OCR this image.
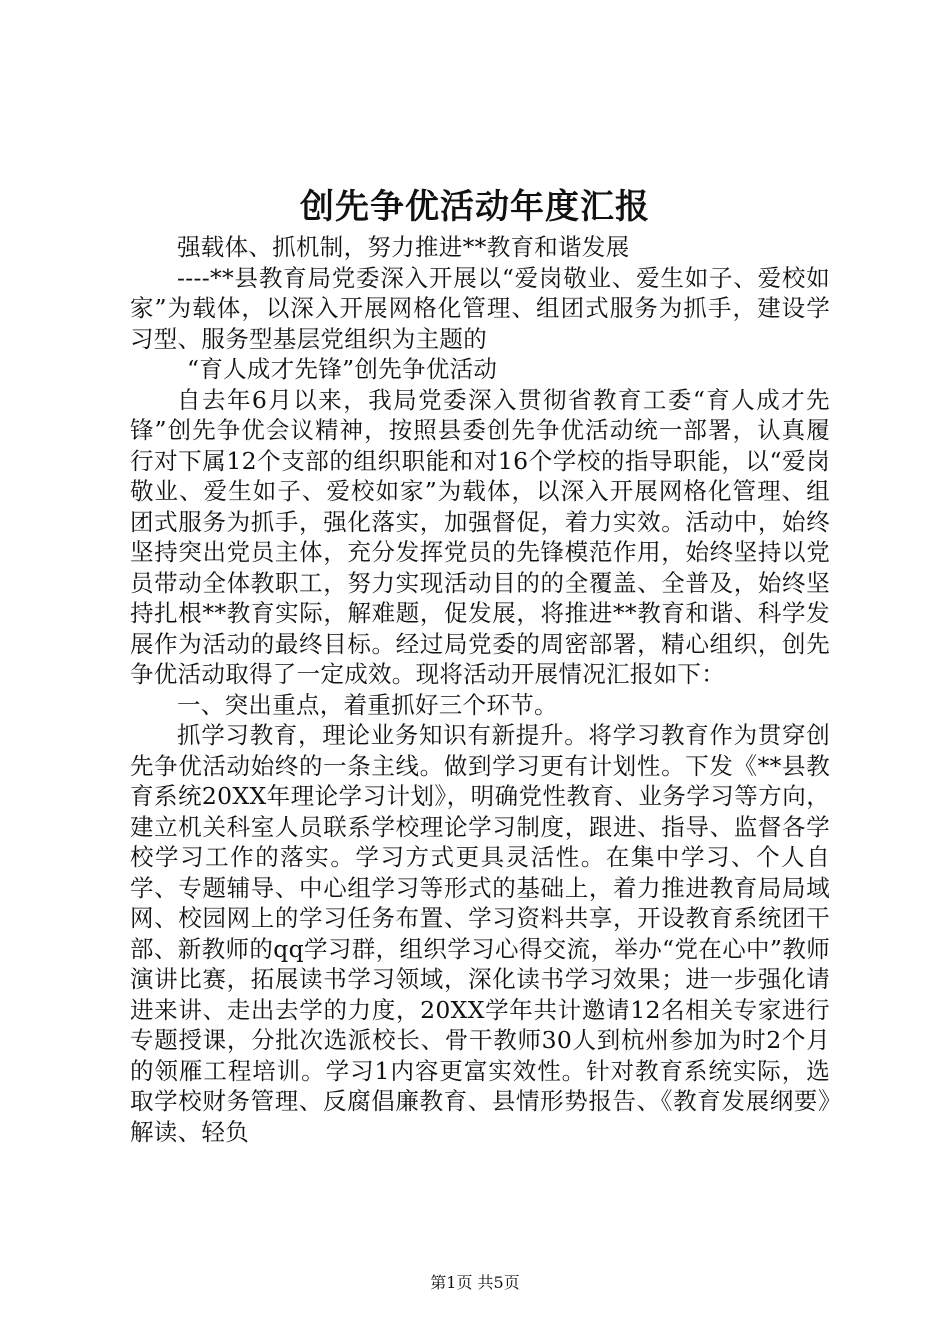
创先争优活动年度汇报

强载体、抓机制，努力推进**教育和谐发展

----**县教育局党委深入开展以“爱岗敬业、爱生如子、爱校如家”为载体，以深入开展网格化管理、组团式服务为抓手，建设学习型、服务型基层党组织为主题的

“育人成才先锋”创先争优活动

自去年6月以来，我局党委深入贯彻省教育工委“育人成才先锋”创先争优会议精神，按照县委创先争优活动统一部署，认真履行对下属12个支部的组织职能和对16个学校的指导职能，以“爱岗敬业、爱生如子、爱校如家”为载体，以深入开展网格化管理、组团式服务为抓手，强化落实，加强督促，着力实效。活动中，始终坚持突出党员主体，充分发挥党员的先锋模范作用，始终坚持以党员带动全体教职工，努力实现活动目的的全覆盖、全普及，始终坚持扎根**教育实际，解难题，促发展，将推进**教育和谐、科学发展作为活动的最终目标。经过局党委的周密部署，精心组织，创先争优活动取得了一定成效。现将活动开展情况汇报如下：

一、突出重点，着重抓好三个环节。

抓学习教育，理论业务知识有新提升。将学习教育作为贯穿创先争优活动始终的一条主线。做到学习更有计划性。下发《**县教育系统20XX年理论学习计划》，明确党性教育、业务学习等方向，建立机关科室人员联系学校理论学习制度，跟进、指导、监督各学校学习工作的落实。学习方式更具灵活性。在集中学习、个人自学、专题辅导、中心组学习等形式的基础上，着力推进教育局局域网、校园网上的学习任务布置、学习资料共享，开设教育系统团干部、新教师的qq学习群，组织学习心得交流，举办“党在心中”教师演讲比赛，拓展读书学习领域，深化读书学习效果；进一步强化请进来讲、走出去学的力度，20XX学年共计邀请12名相关专家进行专题授课，分批次选派校长、骨干教师30人到杭州参加为时2个月的领雁工程培训。学习1内容更富实效性。针对教育系统实际，选取学校财务管理、反腐倡廉教育、县情形势报告、《教育发展纲要》解读、轻负

第1页 共5页
